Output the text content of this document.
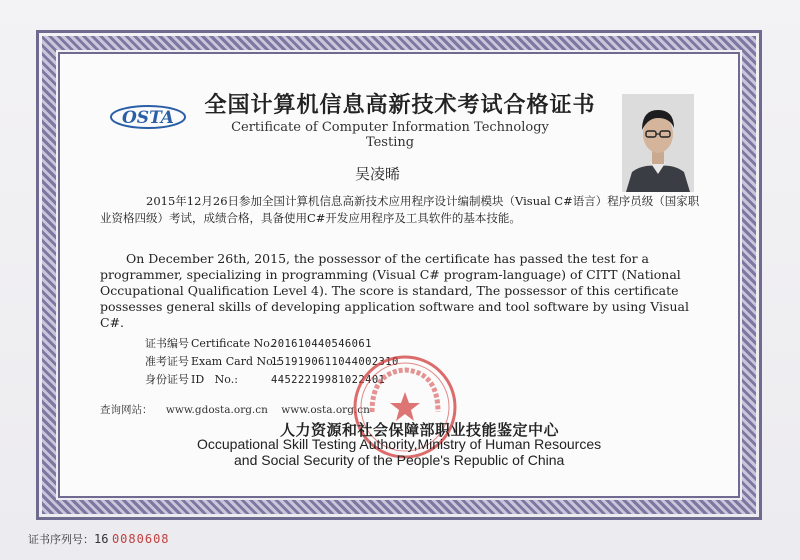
OSTA	全国计算机信息高新技术考试合格证书
Certificate of Computer Information Technology Testing
吴凌晞
2015年12月26日参加全国计算机信息高新技术应用程序设计编制模块（Visual C#语言）程序员级（国家职业资格四级）考试，成绩合格，具备使用C#开发应用程序及工具软件的基本技能。
On December 26th, 2015, the possessor of the certificate has passed the test for a programmer, specializing in programming (Visual C# program-language) of CITT (National Occupational Qualification Level 4). The score is standard, The possessor of this certificate possesses general skills of developing application software and tool software by using Visual C#.
证书编号 Certificate No.:201610440546061
准考证号 Exam Card No.:1519190611044002310
身份证号 ID   No.:	44522219981022401
查询网站： www.gdosta.org.cn www.osta.org.cn
人力资源和社会保障部职业技能鉴定中心
Occupational Skill Testing Authority,Ministry of Human Resources
and Social Security of the People's Republic of China
证书序列号：16 0080608
